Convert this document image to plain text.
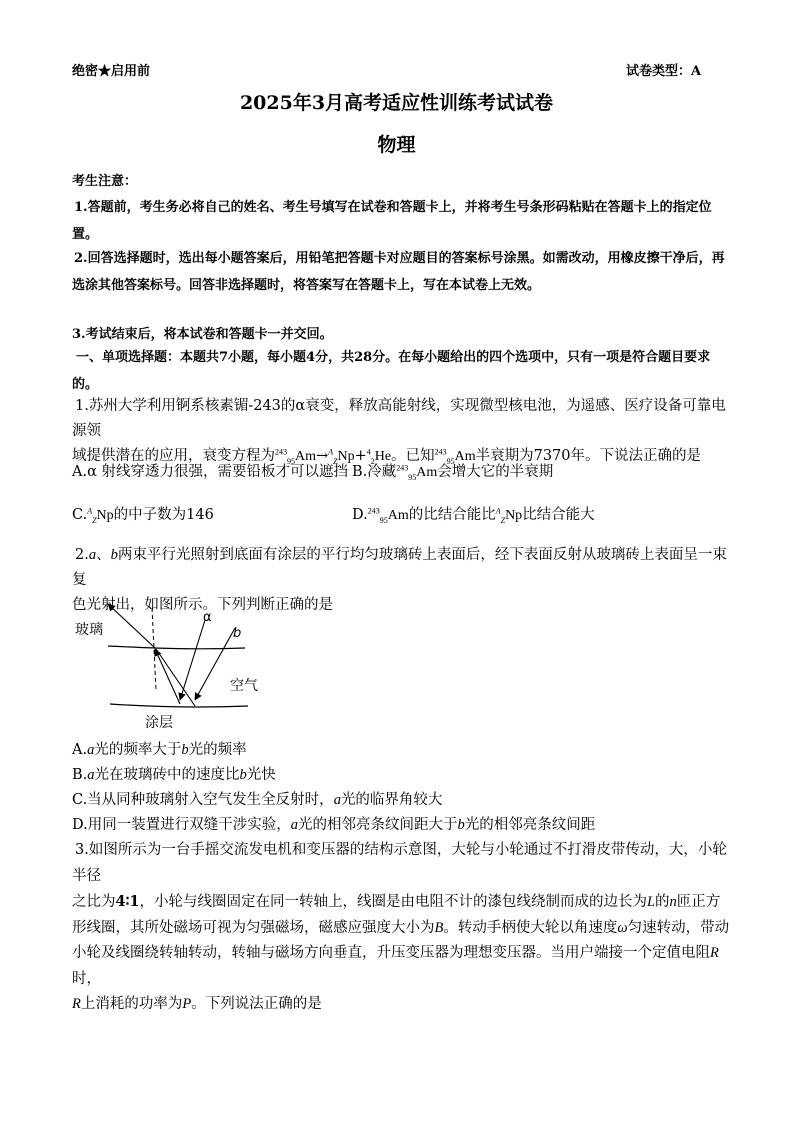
绝密★启用前	试卷类型：A
2025年3月高考适应性训练考试试卷
物理
考生注意：
1.答题前，考生务必将自己的姓名、考生号填写在试卷和答题卡上，并将考生号条形码粘贴在答题卡上的指定位置。
2.回答选择题时，选出每小题答案后，用铅笔把答题卡对应题目的答案标号涂黑。如需改动，用橡皮擦干净后，再选涂其他答案标号。回答非选择题时，将答案写在答题卡上，写在本试卷上无效。
3.考试结束后，将本试卷和答题卡一并交回。
一、单项选择题：本题共7小题，每小题4分，共28分。在每小题给出的四个选项中，只有一项是符合题目要求的。
1.苏州大学利用锕系核素镅-243的α衰变，释放高能射线，实现微型核电池，为遥感、医疗设备可靠电源领
域提供潜在的应用，衰变方程为$^{243}_{95}$Am→$^A_Z$Np+$^4_2$He。已知$^{243}_{95}$Am半衰期为7370年。下说法正确的是
A.α 射线穿透力很强，需要铅板才可以遮挡 B.冷藏$^{243}_{95}$Am会增大它的半衰期
C.$^A_Z$Np的中子数为146	D.$^{243}_{95}$Am的比结合能比$^A_Z$Np比结合能大
2.a、b两束平行光照射到底面有涂层的平行均匀玻璃砖上表面后，经下表面反射从玻璃砖上表面呈一束复
色光射出，如图所示。下列判断正确的是
玻璃
空气
涂层
α
b
A.a光的频率大于b光的频率
B.a光在玻璃砖中的速度比b光快
C.当从同种玻璃射入空气发生全反射时，a光的临界角较大
D.用同一装置进行双缝干涉实验，a光的相邻亮条纹间距大于b光的相邻亮条纹间距
3.如图所示为一台手摇交流发电机和变压器的结构示意图，大轮与小轮通过不打滑皮带传动，大，小轮半径
之比为4∶1，小轮与线圈固定在同一转轴上，线圈是由电阻不计的漆包线绕制而成的边长为L的n匝正方
形线圈，其所处磁场可视为匀强磁场，磁感应强度大小为B。转动手柄使大轮以角速度ω匀速转动，带动
小轮及线圈绕转轴转动，转轴与磁场方向垂直，升压变压器为理想变压器。当用户端接一个定值电阻R时，
R上消耗的功率为P。下列说法正确的是
